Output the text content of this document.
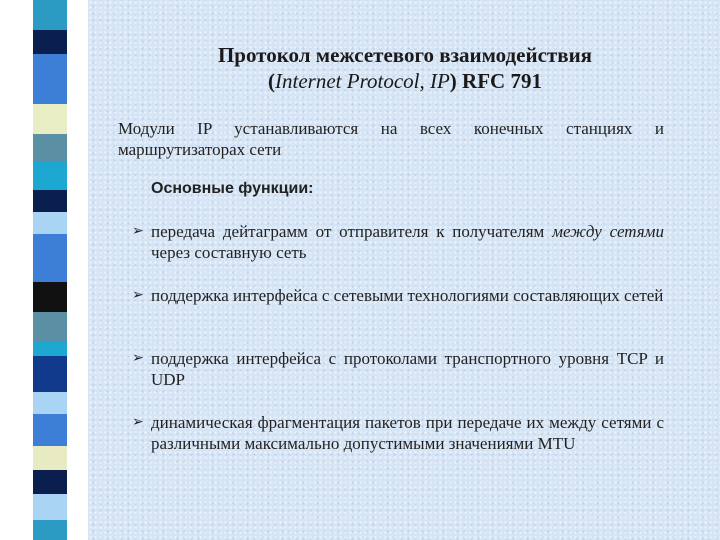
Протокол межсетевого взаимодействия
(Internet Protocol, IP) RFC 791

Модули IP устанавливаются на всех конечных станциях и маршрутизаторах сети

Основные функции:

➢ передача дейтаграмм от отправителя к получателям между сетями через составную сеть
➢ поддержка интерфейса с сетевыми технологиями составляющих сетей
➢ поддержка интерфейса с протоколами транспортного уровня TCP и UDP
➢ динамическая фрагментация пакетов при передаче их между сетями с различными максимально допустимыми значениями MTU
